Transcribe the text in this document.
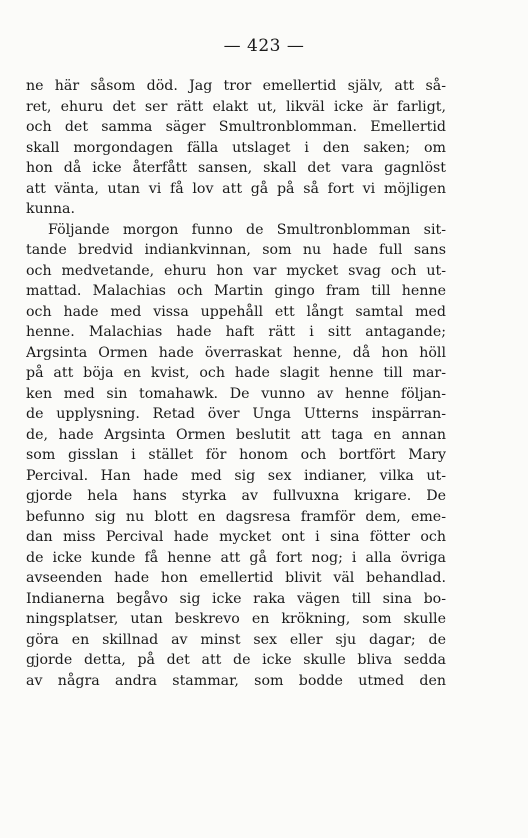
— 423 —
ne här såsom död. Jag tror emellertid själv, att så-
ret, ehuru det ser rätt elakt ut, likväl icke är farligt,
och det samma säger Smultronblomman. Emellertid
skall morgondagen fälla utslaget i den saken; om
hon då icke återfått sansen, skall det vara gagnlöst
att vänta, utan vi få lov att gå på så fort vi möjligen
kunna.
Följande morgon funno de Smultronblomman sit-
tande bredvid indiankvinnan, som nu hade full sans
och medvetande, ehuru hon var mycket svag och ut-
mattad. Malachias och Martin gingo fram till henne
och hade med vissa uppehåll ett långt samtal med
henne. Malachias hade haft rätt i sitt antagande;
Argsinta Ormen hade överraskat henne, då hon höll
på att böja en kvist, och hade slagit henne till mar-
ken med sin tomahawk. De vunno av henne följan-
de upplysning. Retad över Unga Utterns inspärran-
de, hade Argsinta Ormen beslutit att taga en annan
som gisslan i stället för honom och bortfört Mary
Percival. Han hade med sig sex indianer, vilka ut-
gjorde hela hans styrka av fullvuxna krigare. De
befunno sig nu blott en dagsresa framför dem, eme-
dan miss Percival hade mycket ont i sina fötter och
de icke kunde få henne att gå fort nog; i alla övriga
avseenden hade hon emellertid blivit väl behandlad.
Indianerna begåvo sig icke raka vägen till sina bo-
ningsplatser, utan beskrevo en krökning, som skulle
göra en skillnad av minst sex eller sju dagar; de
gjorde detta, på det att de icke skulle bliva sedda
av några andra stammar, som bodde utmed den
